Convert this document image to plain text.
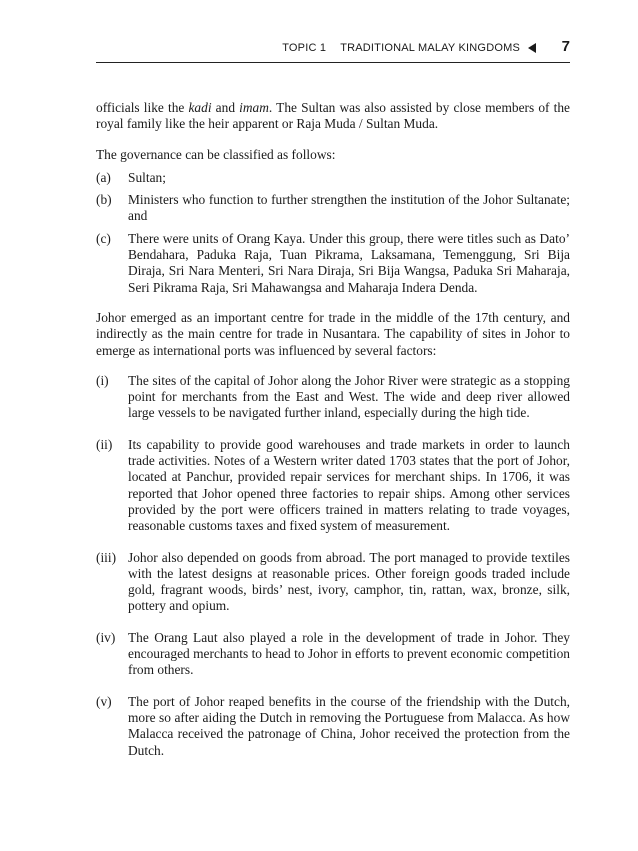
TOPIC 1 TRADITIONAL MALAY KINGDOMS	7

officials like the kadi and imam. The Sultan was also assisted by close members of the royal family like the heir apparent or Raja Muda / Sultan Muda.

The governance can be classified as follows:

(a)	Sultan;
(b)	Ministers who function to further strengthen the institution of the Johor Sultanate; and
(c)	There were units of Orang Kaya. Under this group, there were titles such as Dato’ Bendahara, Paduka Raja, Tuan Pikrama, Laksamana, Temenggung, Sri Bija Diraja, Sri Nara Menteri, Sri Nara Diraja, Sri Bija Wangsa, Paduka Sri Maharaja, Seri Pikrama Raja, Sri Mahawangsa and Maharaja Indera Denda.

Johor emerged as an important centre for trade in the middle of the 17th century, and indirectly as the main centre for trade in Nusantara. The capability of sites in Johor to emerge as international ports was influenced by several factors:

(i)	The sites of the capital of Johor along the Johor River were strategic as a stopping point for merchants from the East and West. The wide and deep river allowed large vessels to be navigated further inland, especially during the high tide.
(ii)	Its capability to provide good warehouses and trade markets in order to launch trade activities. Notes of a Western writer dated 1703 states that the port of Johor, located at Panchur, provided repair services for merchant ships. In 1706, it was reported that Johor opened three factories to repair ships. Among other services provided by the port were officers trained in matters relating to trade voyages, reasonable customs taxes and fixed system of measurement.
(iii) Johor also depended on goods from abroad. The port managed to provide textiles with the latest designs at reasonable prices. Other foreign goods traded include gold, fragrant woods, birds’ nest, ivory, camphor, tin, rattan, wax, bronze, silk, pottery and opium.
(iv) The Orang Laut also played a role in the development of trade in Johor. They encouraged merchants to head to Johor in efforts to prevent economic competition from others.
(v)	The port of Johor reaped benefits in the course of the friendship with the Dutch, more so after aiding the Dutch in removing the Portuguese from Malacca. As how Malacca received the patronage of China, Johor received the protection from the Dutch.
